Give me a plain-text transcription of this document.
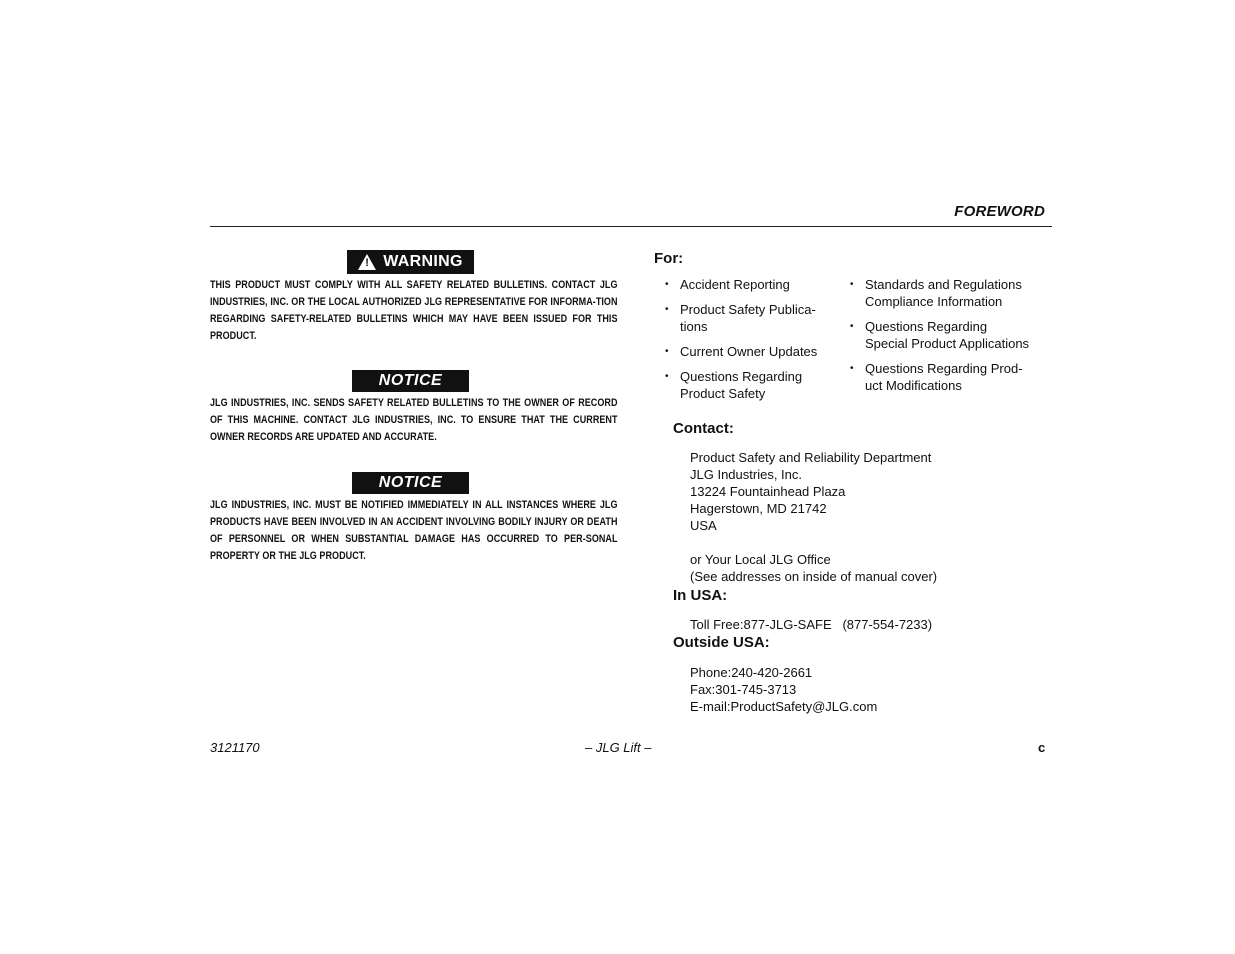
FOREWORD
! WARNING
THIS PRODUCT MUST COMPLY WITH ALL SAFETY RELATED BULLETINS. CONTACT JLG INDUSTRIES, INC. OR THE LOCAL AUTHORIZED JLG REPRESENTATIVE FOR INFORMA-TION REGARDING SAFETY-RELATED BULLETINS WHICH MAY HAVE BEEN ISSUED FOR THIS PRODUCT.
NOTICE
JLG INDUSTRIES, INC. SENDS SAFETY RELATED BULLETINS TO THE OWNER OF RECORD OF THIS MACHINE. CONTACT JLG INDUSTRIES, INC. TO ENSURE THAT THE CURRENT OWNER RECORDS ARE UPDATED AND ACCURATE.
NOTICE
JLG INDUSTRIES, INC. MUST BE NOTIFIED IMMEDIATELY IN ALL INSTANCES WHERE JLG PRODUCTS HAVE BEEN INVOLVED IN AN ACCIDENT INVOLVING BODILY INJURY OR DEATH OF PERSONNEL OR WHEN SUBSTANTIAL DAMAGE HAS OCCURRED TO PER-SONAL PROPERTY OR THE JLG PRODUCT.
For:
• Accident Reporting
• Product Safety Publica-tions
• Current Owner Updates
• Questions Regarding Product Safety
• Standards and Regulations Compliance Information
• Questions Regarding Special Product Applications
• Questions Regarding Prod-uct Modifications
Contact:
Product Safety and Reliability Department
JLG Industries, Inc.
13224 Fountainhead Plaza
Hagerstown, MD 21742
USA
or Your Local JLG Office
(See addresses on inside of manual cover)
In USA:
Toll Free:877-JLG-SAFE   (877-554-7233)
Outside USA:
Phone:240-420-2661
Fax:301-745-3713
E-mail:ProductSafety@JLG.com
3121170	– JLG Lift –	c
